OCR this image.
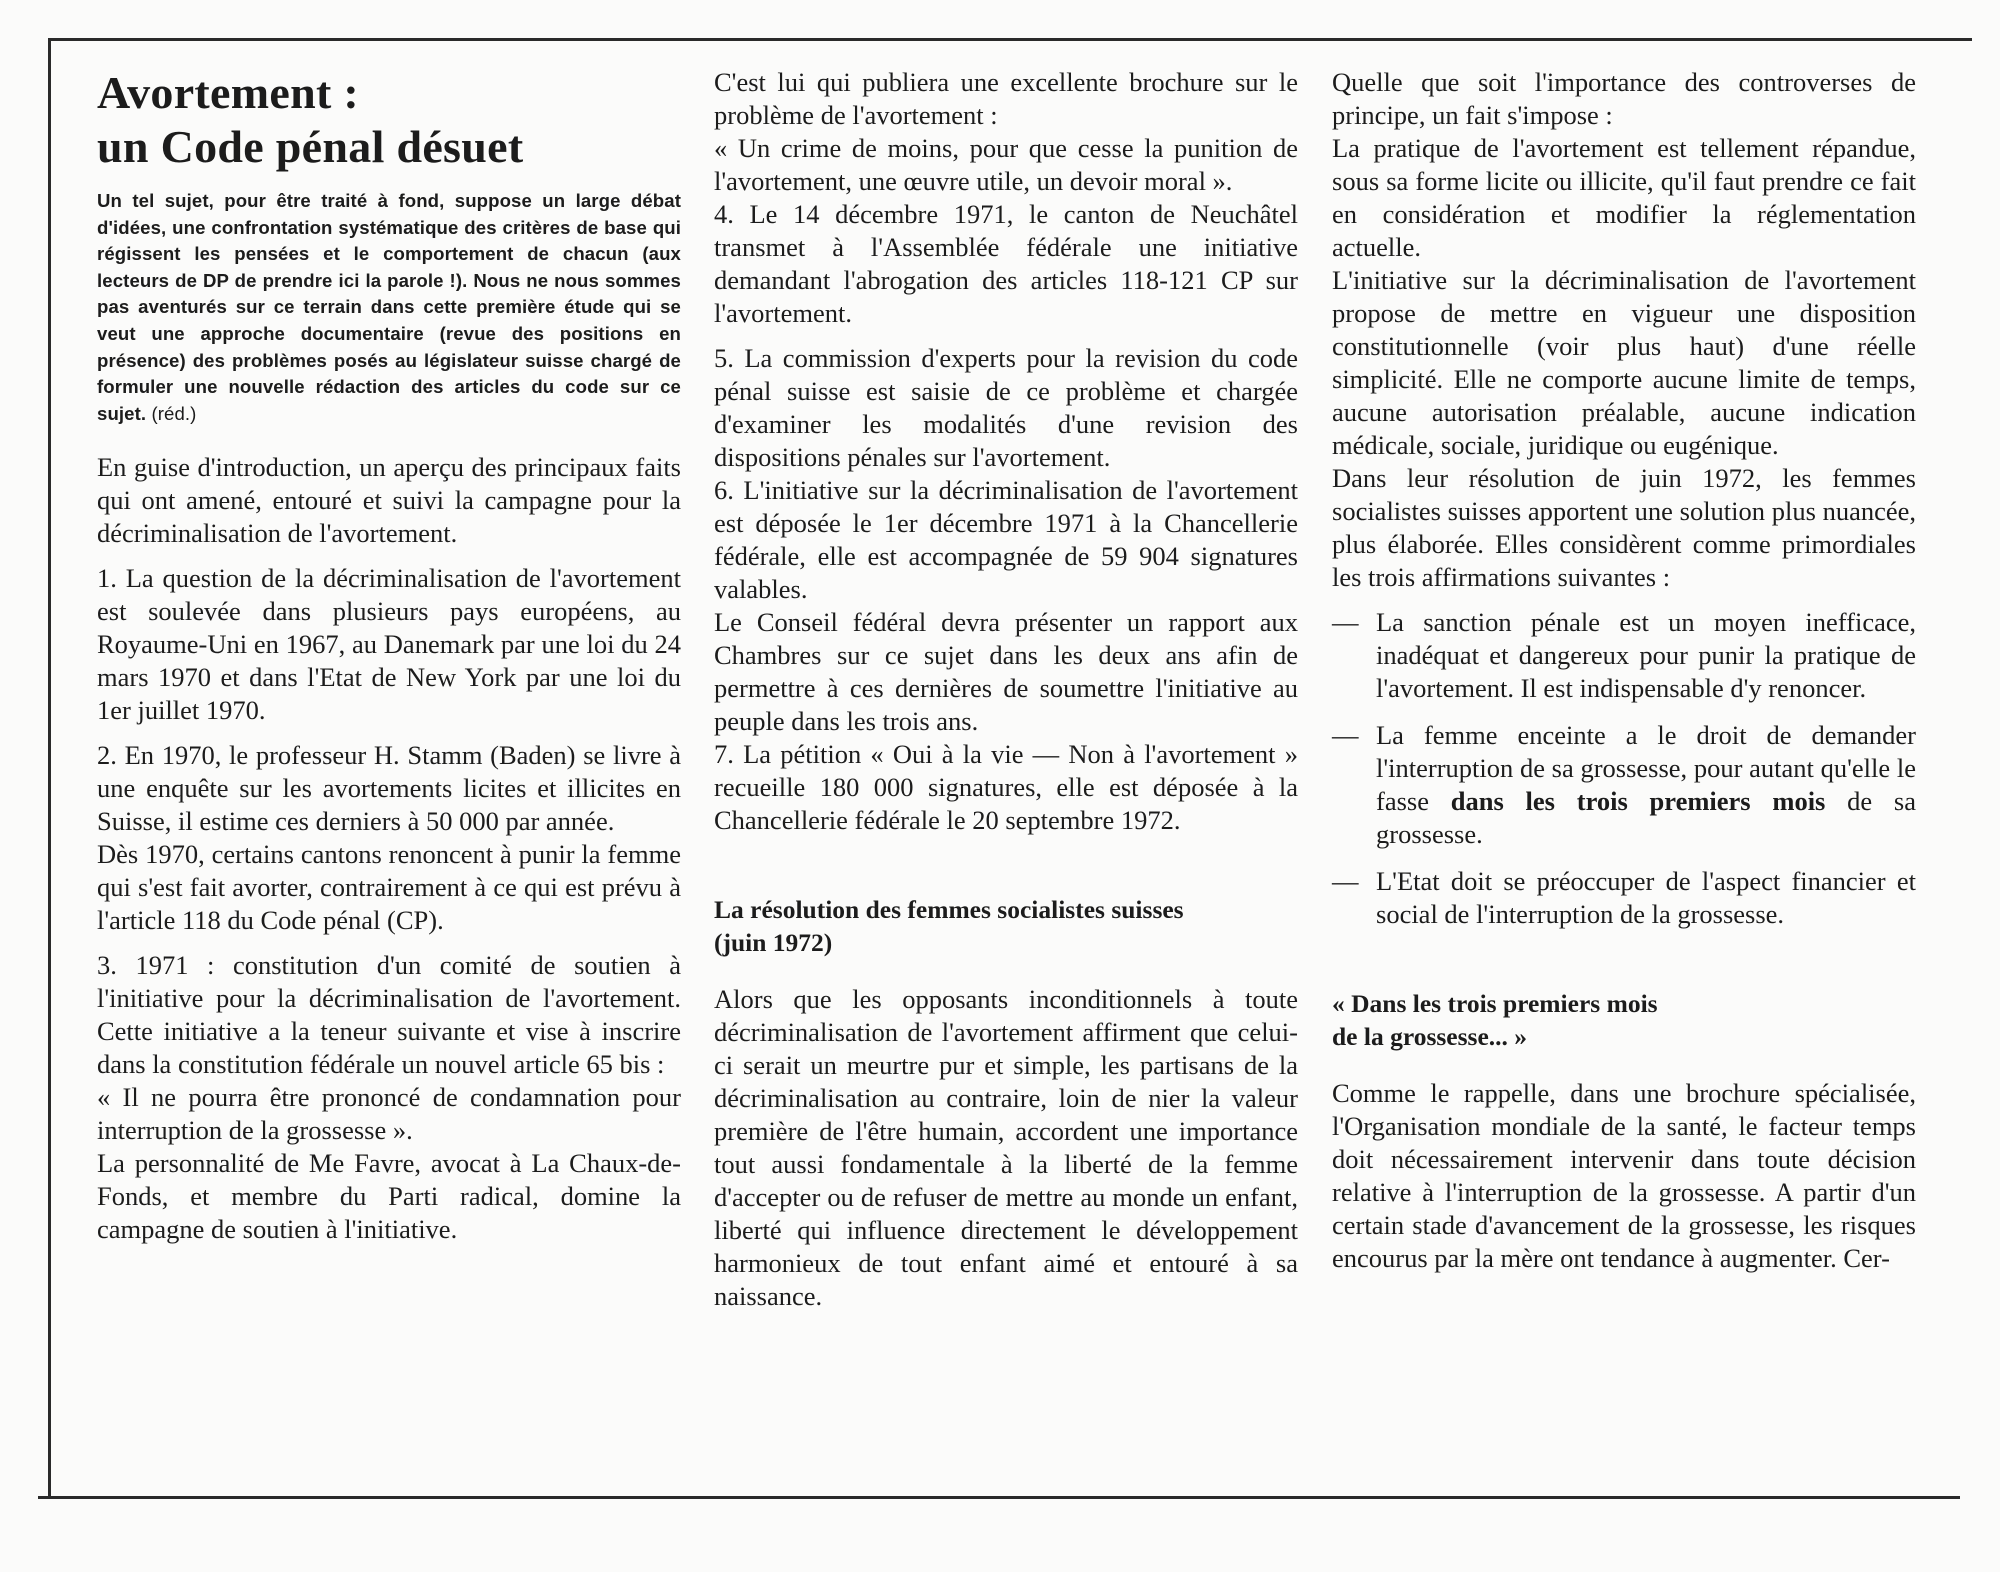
Avortement :
un Code pénal désuet

Un tel sujet, pour être traité à fond, suppose un large débat d'idées, une confrontation systématique des critères de base qui régissent les pensées et le comportement de chacun (aux lecteurs de DP de prendre ici la parole !). Nous ne nous sommes pas aventurés sur ce terrain dans cette première étude qui se veut une approche documentaire (revue des positions en présence) des problèmes posés au législateur suisse chargé de formuler une nouvelle rédaction des articles du code sur ce sujet. (réd.)

En guise d'introduction, un aperçu des principaux faits qui ont amené, entouré et suivi la campagne pour la décriminalisation de l'avortement.

1. La question de la décriminalisation de l'avortement est soulevée dans plusieurs pays européens, au Royaume-Uni en 1967, au Danemark par une loi du 24 mars 1970 et dans l'Etat de New York par une loi du 1er juillet 1970.

2. En 1970, le professeur H. Stamm (Baden) se livre à une enquête sur les avortements licites et illicites en Suisse, il estime ces derniers à 50 000 par année.

Dès 1970, certains cantons renoncent à punir la femme qui s'est fait avorter, contrairement à ce qui est prévu à l'article 118 du Code pénal (CP).

3. 1971 : constitution d'un comité de soutien à l'initiative pour la décriminalisation de l'avortement. Cette initiative a la teneur suivante et vise à inscrire dans la constitution fédérale un nouvel article 65 bis :

« Il ne pourra être prononcé de condamnation pour interruption de la grossesse ».

La personnalité de Me Favre, avocat à La Chaux-de-Fonds, et membre du Parti radical, domine la campagne de soutien à l'initiative.

C'est lui qui publiera une excellente brochure sur le problème de l'avortement :

« Un crime de moins, pour que cesse la punition de l'avortement, une œuvre utile, un devoir moral ».

4. Le 14 décembre 1971, le canton de Neuchâtel transmet à l'Assemblée fédérale une initiative demandant l'abrogation des articles 118-121 CP sur l'avortement.

5. La commission d'experts pour la revision du code pénal suisse est saisie de ce problème et chargée d'examiner les modalités d'une revision des dispositions pénales sur l'avortement.

6. L'initiative sur la décriminalisation de l'avortement est déposée le 1er décembre 1971 à la Chancellerie fédérale, elle est accompagnée de 59 904 signatures valables.

Le Conseil fédéral devra présenter un rapport aux Chambres sur ce sujet dans les deux ans afin de permettre à ces dernières de soumettre l'initiative au peuple dans les trois ans.

7. La pétition « Oui à la vie — Non à l'avortement » recueille 180 000 signatures, elle est déposée à la Chancellerie fédérale le 20 septembre 1972.

La résolution des femmes socialistes suisses
(juin 1972)

Alors que les opposants inconditionnels à toute décriminalisation de l'avortement affirment que celui-ci serait un meurtre pur et simple, les partisans de la décriminalisation au contraire, loin de nier la valeur première de l'être humain, accordent une importance tout aussi fondamentale à la liberté de la femme d'accepter ou de refuser de mettre au monde un enfant, liberté qui influence directement le développement harmonieux de tout enfant aimé et entouré à sa naissance.

Quelle que soit l'importance des controverses de principe, un fait s'impose :

La pratique de l'avortement est tellement répandue, sous sa forme licite ou illicite, qu'il faut prendre ce fait en considération et modifier la réglementation actuelle.

L'initiative sur la décriminalisation de l'avortement propose de mettre en vigueur une disposition constitutionnelle (voir plus haut) d'une réelle simplicité. Elle ne comporte aucune limite de temps, aucune autorisation préalable, aucune indication médicale, sociale, juridique ou eugénique.

Dans leur résolution de juin 1972, les femmes socialistes suisses apportent une solution plus nuancée, plus élaborée. Elles considèrent comme primordiales les trois affirmations suivantes :

— La sanction pénale est un moyen inefficace, inadéquat et dangereux pour punir la pratique de l'avortement. Il est indispensable d'y renoncer.
— La femme enceinte a le droit de demander l'interruption de sa grossesse, pour autant qu'elle le fasse dans les trois premiers mois de sa grossesse.
— L'Etat doit se préoccuper de l'aspect financier et social de l'interruption de la grossesse.
« Dans les trois premiers mois
de la grossesse... »

Comme le rappelle, dans une brochure spécialisée, l'Organisation mondiale de la santé, le facteur temps doit nécessairement intervenir dans toute décision relative à l'interruption de la grossesse. A partir d'un certain stade d'avancement de la grossesse, les risques encourus par la mère ont tendance à augmenter. Cer-
